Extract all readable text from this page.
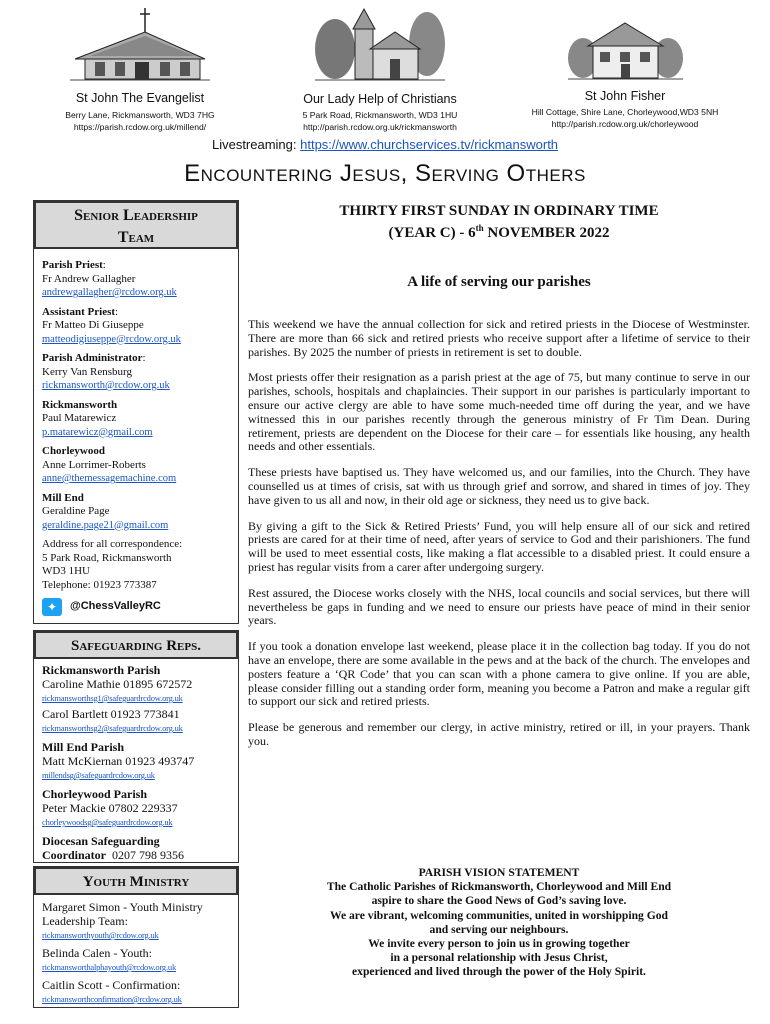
St John The Evangelist
Berry Lane, Rickmansworth, WD3 7HG
https://parish.rcdow.org.uk/millend/
Our Lady Help of Christians
5 Park Road, Rickmansworth, WD3 1HU
http://parish.rcdow.org.uk/rickmansworth
St John Fisher
Hill Cottage, Shire Lane, Chorleywood,WD3 5NH
http://parish.rcdow.org.uk/chorleywood
Livestreaming: https://www.churchservices.tv/rickmansworth
Encountering Jesus, Serving Others
Senior Leadership Team
Parish Priest:
Fr Andrew Gallagher
andrewgallagher@rcdow.org.uk
Assistant Priest:
Fr Matteo Di Giuseppe
matteodigiuseppe@rcdow.org.uk
Parish Administrator:
Kerry Van Rensburg
rickmansworth@rcdow.org.uk
Rickmansworth
Paul Matarewicz
p.matarewicz@gmail.com
Chorleywood
Anne Lorrimer-Roberts
anne@themessagemachine.com
Mill End
Geraldine Page
geraldine.page21@gmail.com
Address for all correspondence:
5 Park Road, Rickmansworth
WD3 1HU
Telephone: 01923 773387
✦	@ChessValleyRC
Safeguarding Reps.
Rickmansworth Parish
Caroline Mathie 01895 672572
rickmansworthsg1@safeguardrcdow.org.uk
Carol Bartlett 01923 773841
rickmansworthsg2@safeguardrcdow.org.uk
Mill End Parish
Matt McKiernan 01923 493747
millendsg@safeguardrcdow.org.uk
Chorleywood Parish
Peter Mackie 07802 229337
chorleywoodsg@safeguardrcdow.org.uk
Diocesan Safeguarding
Coordinator 0207 798 9356
Youth Ministry
Margaret Simon - Youth Ministry
Leadership Team:
rickmansworthyouth@rcdow.org.uk
Belinda Calen - Youth:
rickmansworthalphayouth@rcdow.org.uk
Caitlin Scott - Confirmation:
rickmansworthconfirmation@rcdow.org.uk
THIRTY FIRST SUNDAY IN ORDINARY TIME
(YEAR C) - 6th NOVEMBER 2022
A life of serving our parishes

This weekend we have the annual collection for sick and retired priests in the Diocese of Westminster. There are more than 66 sick and retired priests who receive support after a lifetime of service to their parishes. By 2025 the number of priests in retirement is set to double.

Most priests offer their resignation as a parish priest at the age of 75, but many continue to serve in our parishes, schools, hospitals and chaplaincies. Their support in our parishes is particularly important to ensure our active clergy are able to have some much-needed time off during the year, and we have witnessed this in our parishes recently through the generous ministry of Fr Tim Dean. During retirement, priests are dependent on the Diocese for their care – for essentials like housing, any health needs and other essentials.

These priests have baptised us. They have welcomed us, and our families, into the Church. They have counselled us at times of crisis, sat with us through grief and sorrow, and shared in times of joy. They have given to us all and now, in their old age or sickness, they need us to give back.

By giving a gift to the Sick & Retired Priests’ Fund, you will help ensure all of our sick and retired priests are cared for at their time of need, after years of service to God and their parishioners. The fund will be used to meet essential costs, like making a flat accessible to a disabled priest. It could ensure a priest has regular visits from a carer after undergoing surgery.

Rest assured, the Diocese works closely with the NHS, local councils and social services, but there will nevertheless be gaps in funding and we need to ensure our priests have peace of mind in their senior years.

If you took a donation envelope last weekend, please place it in the collection bag today. If you do not have an envelope, there are some available in the pews and at the back of the church. The envelopes and posters feature a ‘QR Code’ that you can scan with a phone camera to give online. If you are able, please consider filling out a standing order form, meaning you become a Patron and make a regular gift to support our sick and retired priests.

Please be generous and remember our clergy, in active ministry, retired or ill, in your prayers. Thank you.

PARISH VISION STATEMENT
The Catholic Parishes of Rickmansworth, Chorleywood and Mill End
aspire to share the Good News of God’s saving love.
We are vibrant, welcoming communities, united in worshipping God
and serving our neighbours.
We invite every person to join us in growing together
in a personal relationship with Jesus Christ,
experienced and lived through the power of the Holy Spirit.
